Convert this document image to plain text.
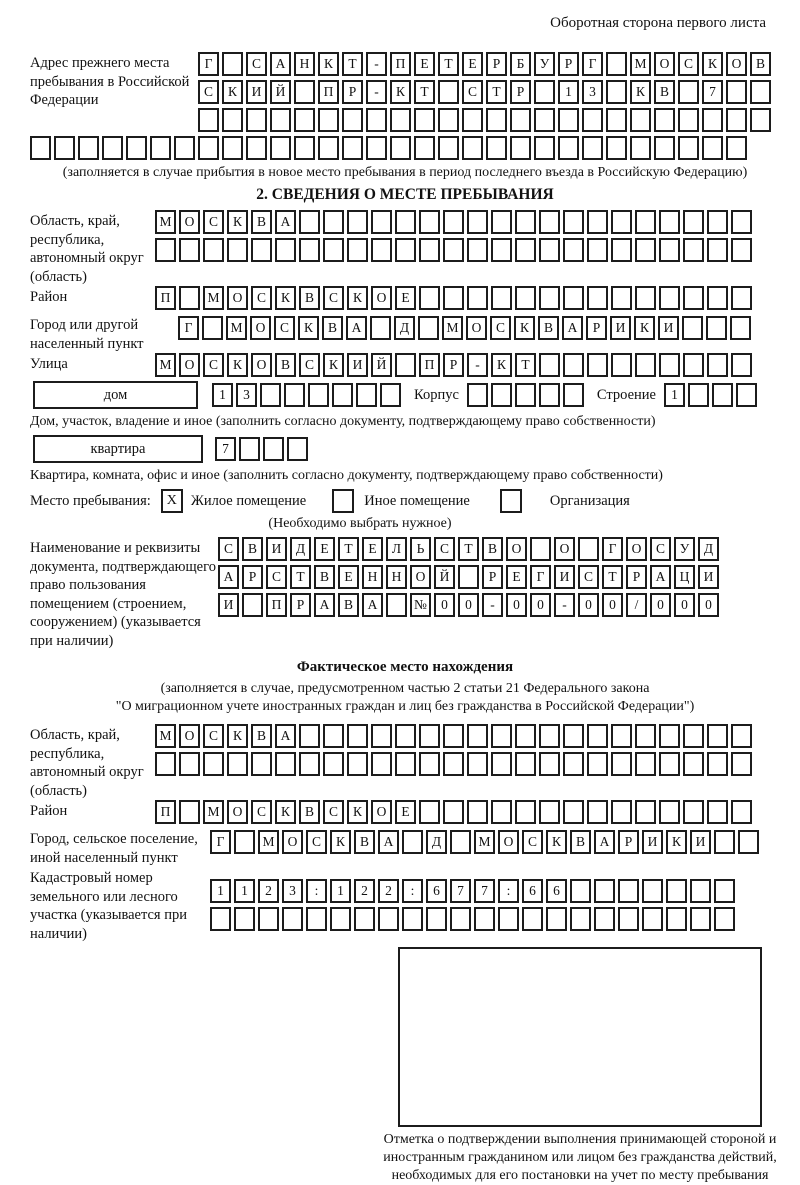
Оборотная сторона первого листа
Адрес прежнего места пребывания в Российской Федерации
Г	С	А	Н	К	Т	-	П	Е	Т	Е	Р	Б	У	Р	Г	М О	С	К	О	В
С	К	И	Й	П	Р	-	К	Т	С	Т	Р	1	3	К	В	7
(заполняется в случае прибытия в новое место пребывания в период последнего въезда в Российскую Федерацию)
2. СВЕДЕНИЯ О МЕСТЕ ПРЕБЫВАНИЯ
Область, край, республика, автономный округ (область)
М О	С	К	В	А
Район	П	М О	С	К	В	С	К	О	Е
Город или другой населенный пункт
Г	М О	С	К	В	А	Д	М О	С	К	В	А	Р	И	К	И
Улица	М О	С	К	О	В	С	К	И	Й	П	Р	-	К	Т
дом	1	3	Корпус	Строение	1
Дом, участок, владение и иное (заполнить согласно документу, подтверждающему право собственности)
квартира	7
Квартира, комната, офис и иное (заполнить согласно документу, подтверждающему право собственности)
Место пребывания:	X Жилое помещение	Иное помещение	Организация
(Необходимо выбрать нужное)
Наименование и реквизиты документа, подтверждающего право пользования помещением (строением, сооружением) (указывается при наличии)
С	В	И	Д	Е	Т	Е	Л	Ь	С	Т	В	О	О	Г	О	С	У	Д
А	Р	С	Т	В	Е	Н	Н	О	Й	Р	Е	Г	И	С	Т	Р	А	Ц	И
И	П	Р	А	В	А	№	0	0	-	0	0	-	0	0	/	0	0	0
Фактическое место нахождения
(заполняется в случае, предусмотренном частью 2 статьи 21 Федерального закона
"О миграционном учете иностранных граждан и лиц без гражданства в Российской Федерации")
Область, край, республика, автономный округ (область)
М О	С	К	В	А
Район	П	М О	С	К	В	С	К	О	Е
Город, сельское поселение, иной населенный пункт
Г	М О	С	К	В	А	Д	М О	С	К	В	А	Р	И	К	И
Кадастровый номер земельного или лесного участка (указывается при наличии)
1	1	2	3	:	1	2	2	:	6	7	7	:	6	6
Отметка о подтверждении выполнения принимающей стороной и иностранным гражданином или лицом без гражданства действий, необходимых для его постановки на учет по месту пребывания
